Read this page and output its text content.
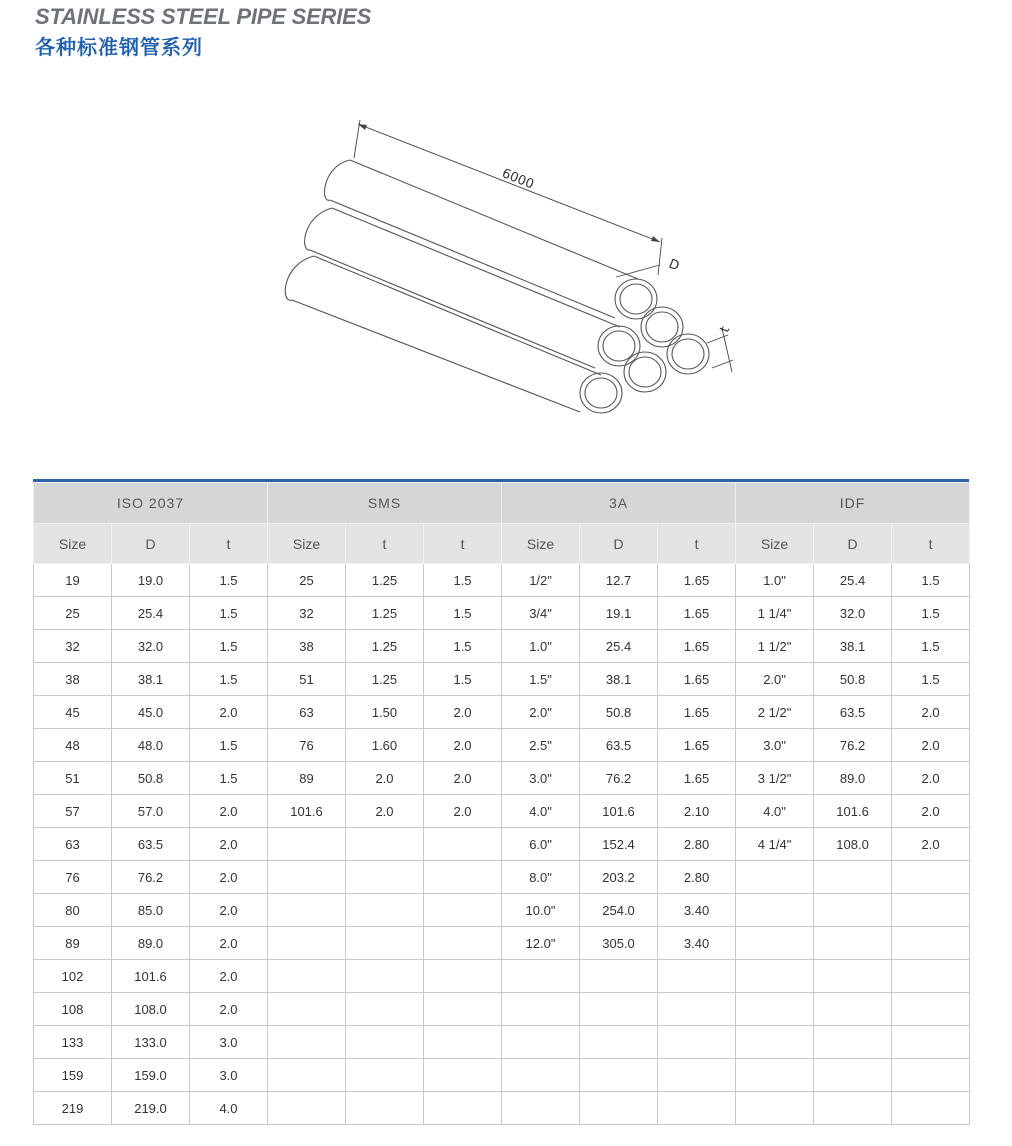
STAINLESS STEEL PIPE SERIES
各种标准钢管系列
6000
D
t
ISO 2037			SMS			3A			IDF		
Size	D	t	Size	t	t	Size	D	t	Size	D	t
19	19.0	1.5	25	1.25	1.5	1/2"	12.7	1.65	1.0"	25.4	1.5
25	25.4	1.5	32	1.25	1.5	3/4"	19.1	1.65	1 1/4"	32.0	1.5
32	32.0	1.5	38	1.25	1.5	1.0"	25.4	1.65	1 1/2"	38.1	1.5
38	38.1	1.5	51	1.25	1.5	1.5"	38.1	1.65	2.0"	50.8	1.5
45	45.0	2.0	63	1.50	2.0	2.0"	50.8	1.65	2 1/2"	63.5	2.0
48	48.0	1.5	76	1.60	2.0	2.5"	63.5	1.65	3.0"	76.2	2.0
51	50.8	1.5	89	2.0	2.0	3.0"	76.2	1.65	3 1/2"	89.0	2.0
57	57.0	2.0	101.6	2.0	2.0	4.0"	101.6	2.10	4.0"	101.6	2.0
63	63.5	2.0				6.0"	152.4	2.80	4 1/4"	108.0	2.0
76	76.2	2.0				8.0"	203.2	2.80			
80	85.0	2.0				10.0"	254.0	3.40			
89	89.0	2.0				12.0"	305.0	3.40			
102	101.6	2.0									
108	108.0	2.0									
133	133.0	3.0									
159	159.0	3.0									
219	219.0	4.0									
